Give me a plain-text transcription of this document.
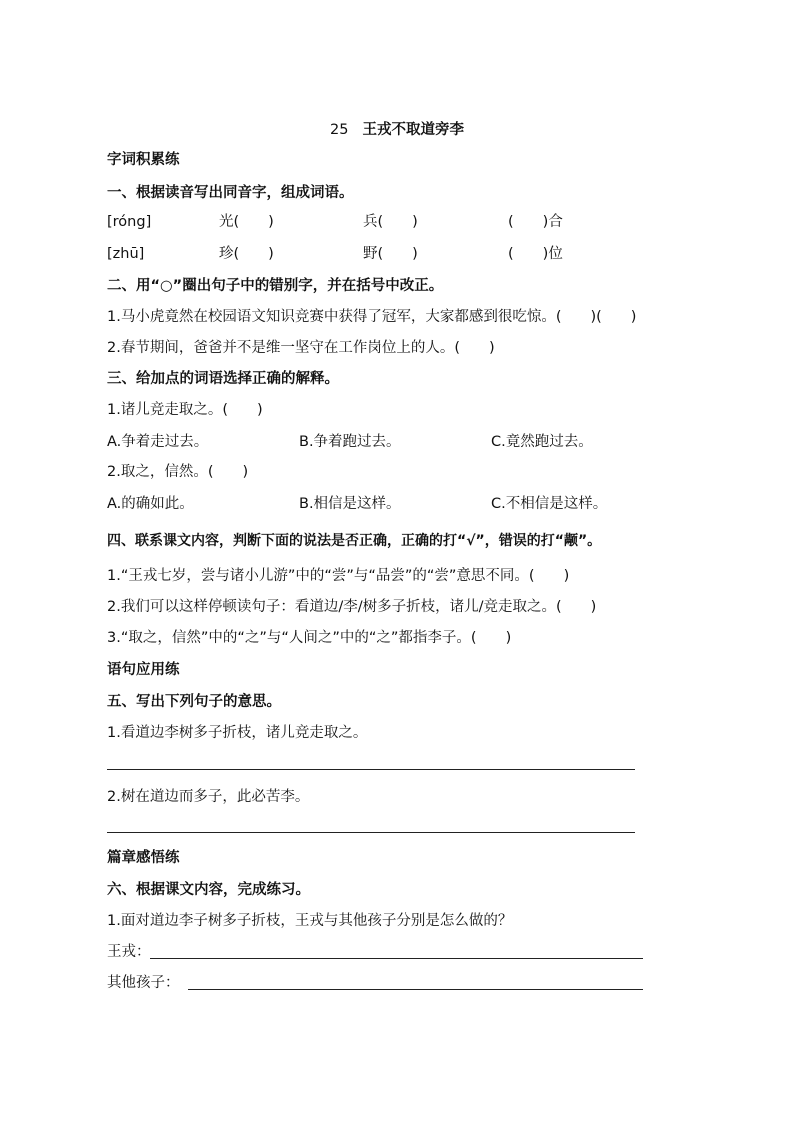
25 王戎不取道旁李
字词积累练
一、根据读音写出同音字，组成词语。
[róng]	光(　　)	兵(　　)	(　　)合
[zhū]	珍(　　)	野(　　)	(　　)位
二、用“○”圈出句子中的错别字，并在括号中改正。
1.马小虎竟然在校园语文知识竞赛中获得了冠军，大家都感到很吃惊。(　　)(　　)
2.春节期间，爸爸并不是维一坚守在工作岗位上的人。(　　)
三、给加点的词语选择正确的解释。
1.诸儿竞走取之。(　　)
A.争着走过去。	B.争着跑过去。	C.竟然跑过去。
2.取之，信然。(　　)
A.的确如此。	B.相信是这样。	C.不相信是这样。
四、联系课文内容，判断下面的说法是否正确，正确的打“√”，错误的打“颟”。
1.“王戎七岁，尝与诸小儿游”中的“尝”与“品尝”的“尝”意思不同。(　　)
2.我们可以这样停顿读句子：看道边/李/树多子折枝，诸儿/竞走取之。(　　)
3.“取之，信然”中的“之”与“人间之”中的“之”都指李子。(　　)
语句应用练
五、写出下列句子的意思。
1.看道边李树多子折枝，诸儿竞走取之。
2.树在道边而多子，此必苦李。
篇章感悟练
六、根据课文内容，完成练习。
1.面对道边李子树多子折枝，王戎与其他孩子分别是怎么做的？
王戎：
其他孩子：
